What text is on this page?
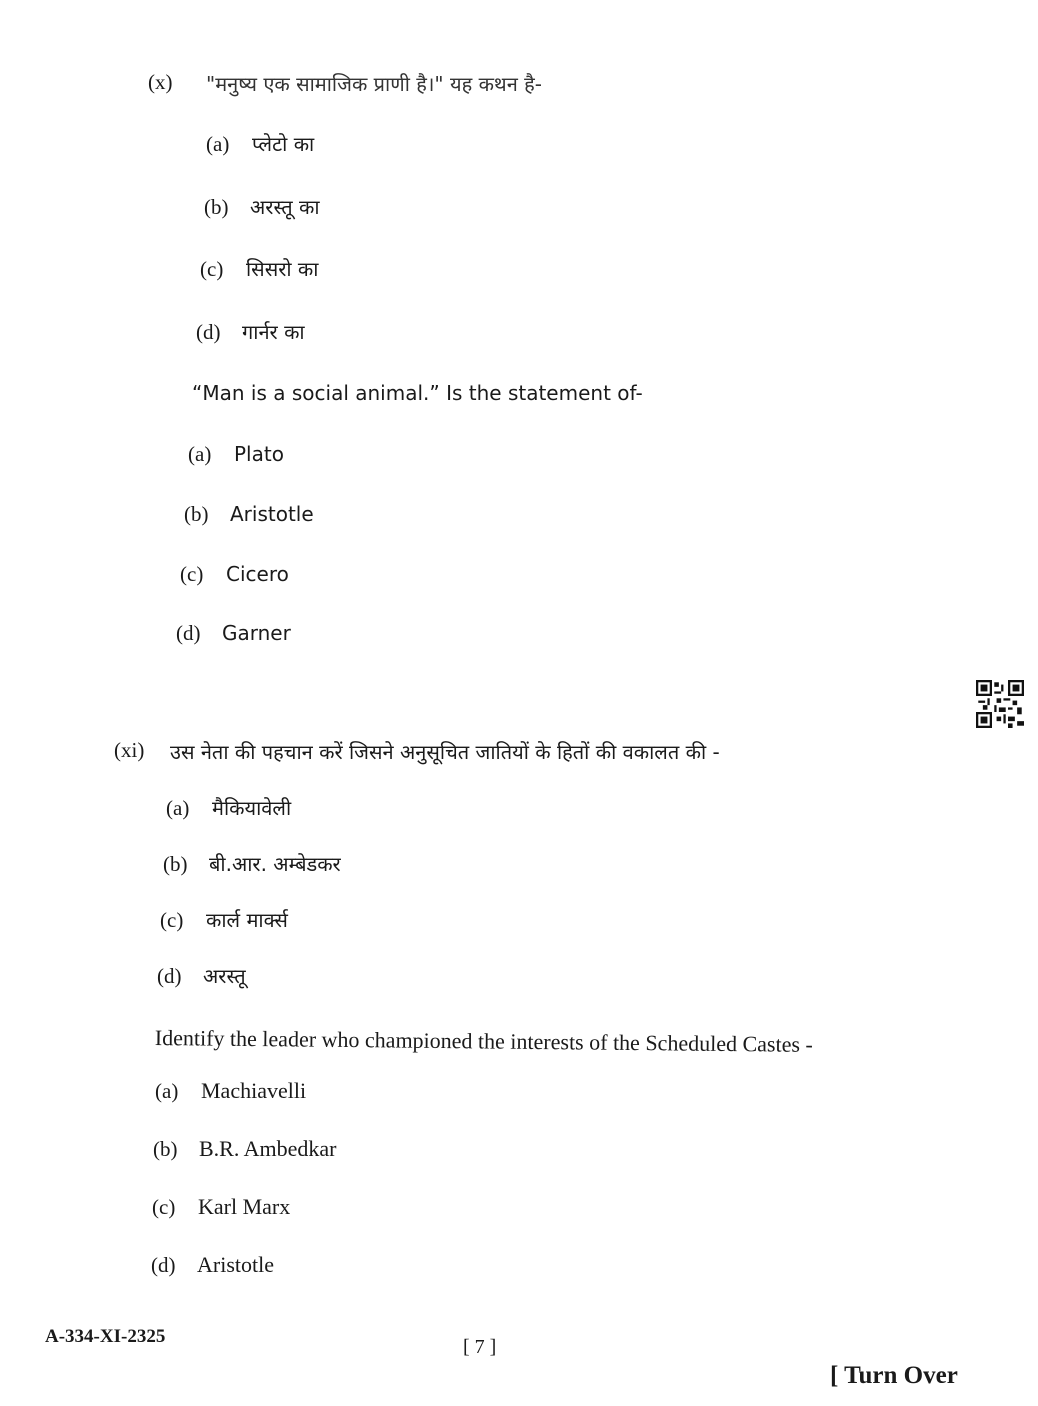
(x) "मनुष्य एक सामाजिक प्राणी है।" यह कथन है-
(a) प्लेटो का
(b) अरस्तू का
(c) सिसरो का
(d) गार्नर का
“Man is a social animal.” Is the statement of-
(a) Plato
(b) Aristotle
(c) Cicero
(d) Garner
(xi) उस नेता की पहचान करें जिसने अनुसूचित जातियों के हितों की वकालत की -
(a) मैकियावेली
(b) बी.आर. अम्बेडकर
(c) कार्ल मार्क्स
(d) अरस्तू
Identify the leader who championed the interests of the Scheduled Castes -
(a) Machiavelli
(b) B.R. Ambedkar
(c) Karl Marx
(d) Aristotle
A-334-XI-2325	[ 7 ]
[ Turn Over
